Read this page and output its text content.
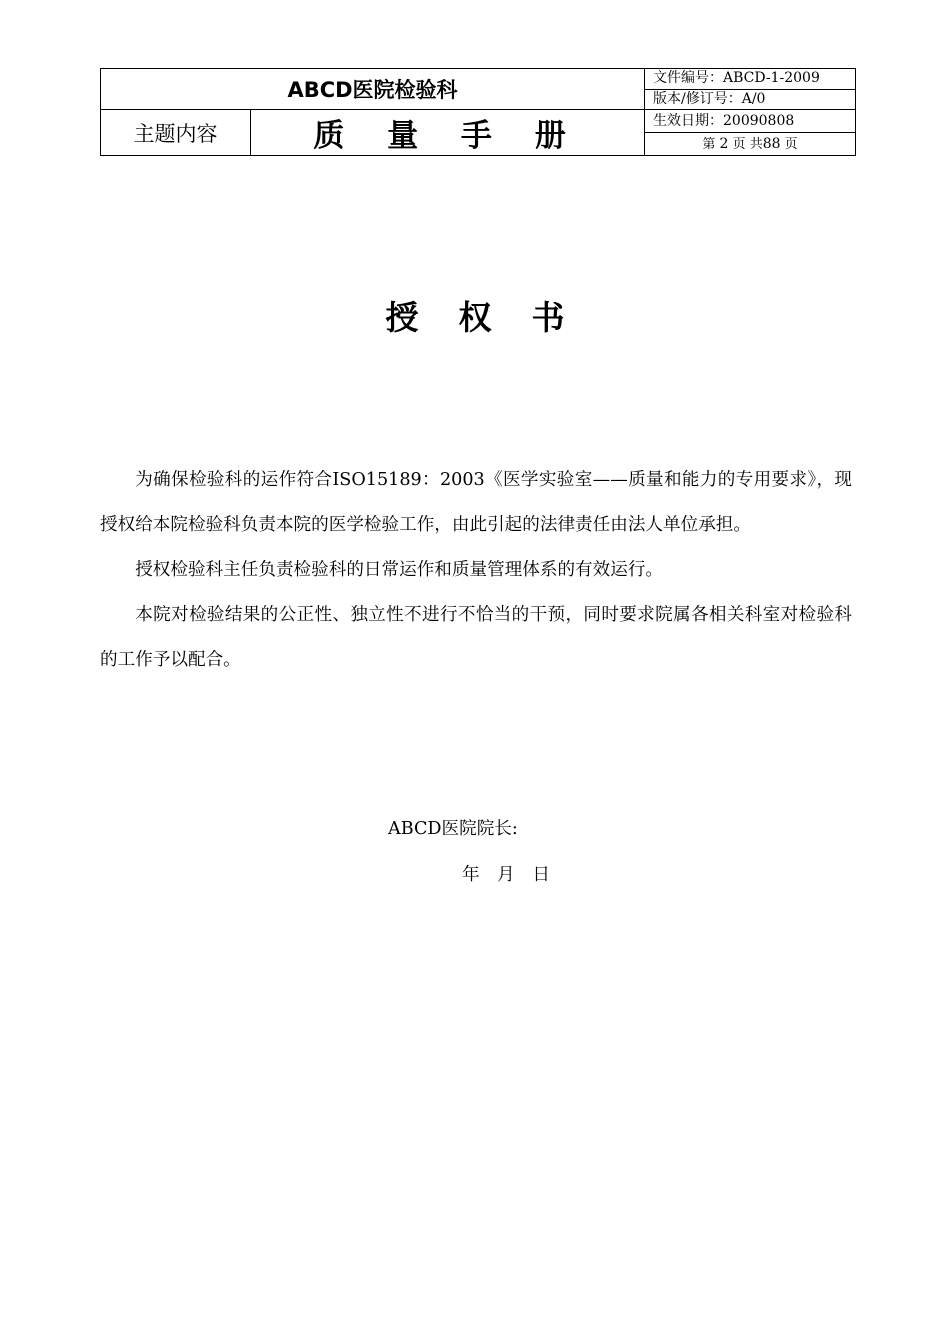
ABCD医院检验科		文件编号：ABCD-1-2009
		版本/修订号：A/0
主题内容	质 量 手 册	生效日期：20090808
		第 2 页 共88 页
授权书

为确保检验科的运作符合ISO15189：2003《医学实验室——质量和能力的专用要求》，现授权给本院检验科负责本院的医学检验工作，由此引起的法律责任由法人单位承担。

授权检验科主任负责检验科的日常运作和质量管理体系的有效运行。

本院对检验结果的公正性、独立性不进行不恰当的干预，同时要求院属各相关科室对检验科的工作予以配合。

ABCD医院院长:
年 月 日
